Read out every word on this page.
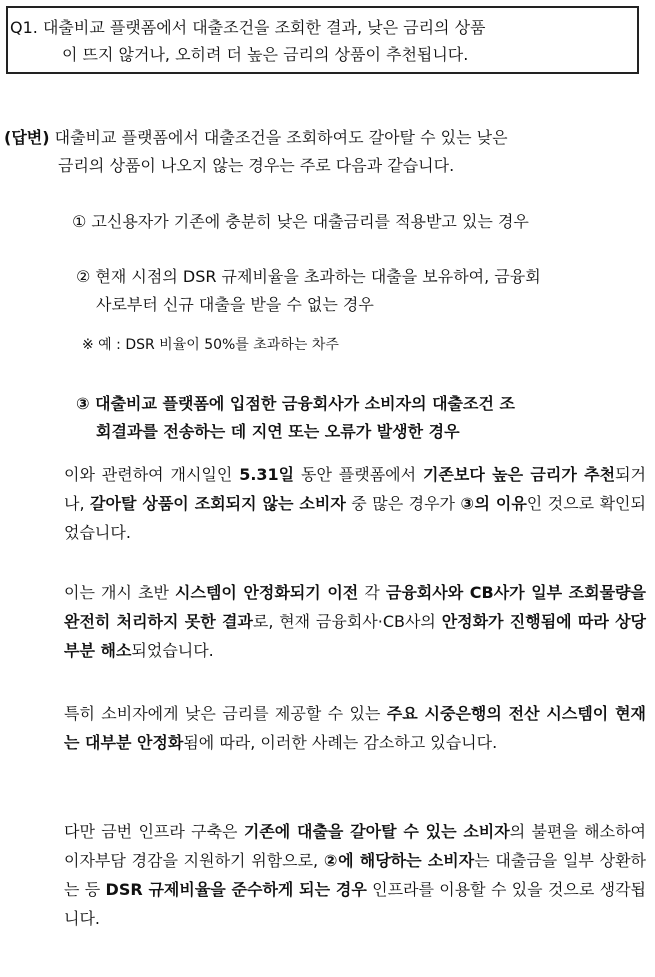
Q1. 대출비교 플랫폼에서 대출조건을 조회한 결과, 낮은 금리의 상품
이 뜨지 않거나, 오히려 더 높은 금리의 상품이 추천됩니다.
(답변) 대출비교 플랫폼에서 대출조건을 조회하여도 갈아탈 수 있는 낮은
금리의 상품이 나오지 않는 경우는 주로 다음과 같습니다.
① 고신용자가 기존에 충분히 낮은 대출금리를 적용받고 있는 경우
② 현재 시점의 DSR 규제비율을 초과하는 대출을 보유하여, 금융회
사로부터 신규 대출을 받을 수 없는 경우
※ 예 : DSR 비율이 50%를 초과하는 차주
③ 대출비교 플랫폼에 입점한 금융회사가 소비자의 대출조건 조
회결과를 전송하는 데 지연 또는 오류가 발생한 경우
이와 관련하여 개시일인 5.31일 동안 플랫폼에서 기존보다 높은 금리가 추천되거나, 갈아탈 상품이 조회되지 않는 소비자 중 많은 경우가 ③의 이유인 것으로 확인되었습니다.
이는 개시 초반 시스템이 안정화되기 이전 각 금융회사와 CB사가 일부 조회물량을 완전히 처리하지 못한 결과로, 현재 금융회사·CB사의 안정화가 진행됨에 따라 상당 부분 해소되었습니다.
특히 소비자에게 낮은 금리를 제공할 수 있는 주요 시중은행의 전산 시스템이 현재는 대부분 안정화됨에 따라, 이러한 사례는 감소하고 있습니다.
다만 금번 인프라 구축은 기존에 대출을 갈아탈 수 있는 소비자의 불편을 해소하여 이자부담 경감을 지원하기 위함으로, ②에 해당하는 소비자는 대출금을 일부 상환하는 등 DSR 규제비율을 준수하게 되는 경우 인프라를 이용할 수 있을 것으로 생각됩니다.
